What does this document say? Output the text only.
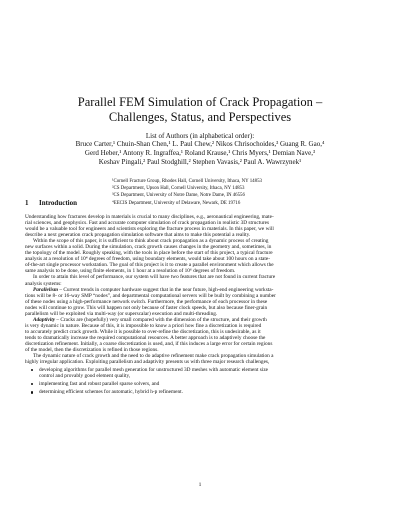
Parallel FEM Simulation of Crack Propagation –
Challenges, Status, and Perspectives
List of Authors (in alphabetical order):
Bruce Carter,¹ Chuin-Shan Chen,¹ L. Paul Chew,² Nikos Chrisochoides,³ Guang R. Gao,⁴
Gerd Heber,¹ Antony R. Ingraffea,¹ Roland Krause,¹ Chris Myers,¹ Demian Nave,³
Keshav Pingali,² Paul Stodghill,² Stephen Vavasis,² Paul A. Wawrzynek¹
¹Cornell Fracture Group, Rhodes Hall, Cornell University, Ithaca, NY 14853
²CS Department, Upson Hall, Cornell University, Ithaca, NY 14853
³CS Department, University of Notre Dame, Notre Dame, IN 46556
⁴EECIS Department, University of Delaware, Newark, DE 19716
1 Introduction
Understanding how fractures develop in materials is crucial to many disciplines, e.g., aeronautical engineering, mate-
rial sciences, and geophysics. Fast and accurate computer simulation of crack propagation in realistic 3D structures
would be a valuable tool for engineers and scientists exploring the fracture process in materials. In this paper, we will
describe a next generation crack propagation simulation software that aims to make this potential a reality.
Within the scope of this paper, it is sufficient to think about crack propagation as a dynamic process of creating
new surfaces within a solid. During the simulation, crack growth causes changes in the geometry and, sometimes, in
the topology of the model. Roughly speaking, with the tools in place before the start of this project, a typical fracture
analysis at a resolution of 10⁴ degrees of freedom, using boundary elements, would take about 100 hours on a state-
of-the-art single processor workstation. The goal of this project is it to create a parallel environment which allows the
same analysis to be done, using finite elements, in 1 hour at a resolution of 10⁶ degrees of freedom.
In order to attain this level of performance, our system will have two features that are not found in current fracture
analysis systems:
Parallelism – Current trends in computer hardware suggest that in the near future, high-end engineering worksta-
tions will be 8- or 16-way SMP “nodes”, and departmental computational servers will be built by combining a number
of these nodes using a high-performance network switch. Furthermore, the performance of each processor in these
nodes will continue to grow. This will happen not only because of faster clock speeds, but also because finer-grain
parallelism will be exploited via multi-way (or superscalar) execution and multi-threading.
Adaptivity – Cracks are (hopefully) very small compared with the dimension of the structure, and their growth
is very dynamic in nature. Because of this, it is impossible to know a priori how fine a discretization is required
to accurately predict crack growth. While it is possible to over-refine the discretization, this is undesirable, as it
tends to dramatically increase the required computational resources. A better approach is to adaptively choose the
discretization refinement. Initially, a coarse discretization is used, and, if this induces a large error for certain regions
of the model, then the discretization is refined in those regions.
The dynamic nature of crack growth and the need to do adaptive refinement make crack propagation simulation a
highly irregular application. Exploiting parallelism and adaptivity presents us with three major research challenges,
developing algorithms for parallel mesh generation for unstructured 3D meshes with automatic element size
control and provably good element quality,
implementing fast and robust parallel sparse solvers, and
determining efficient schemes for automatic, hybrid h-p refinement.
1
